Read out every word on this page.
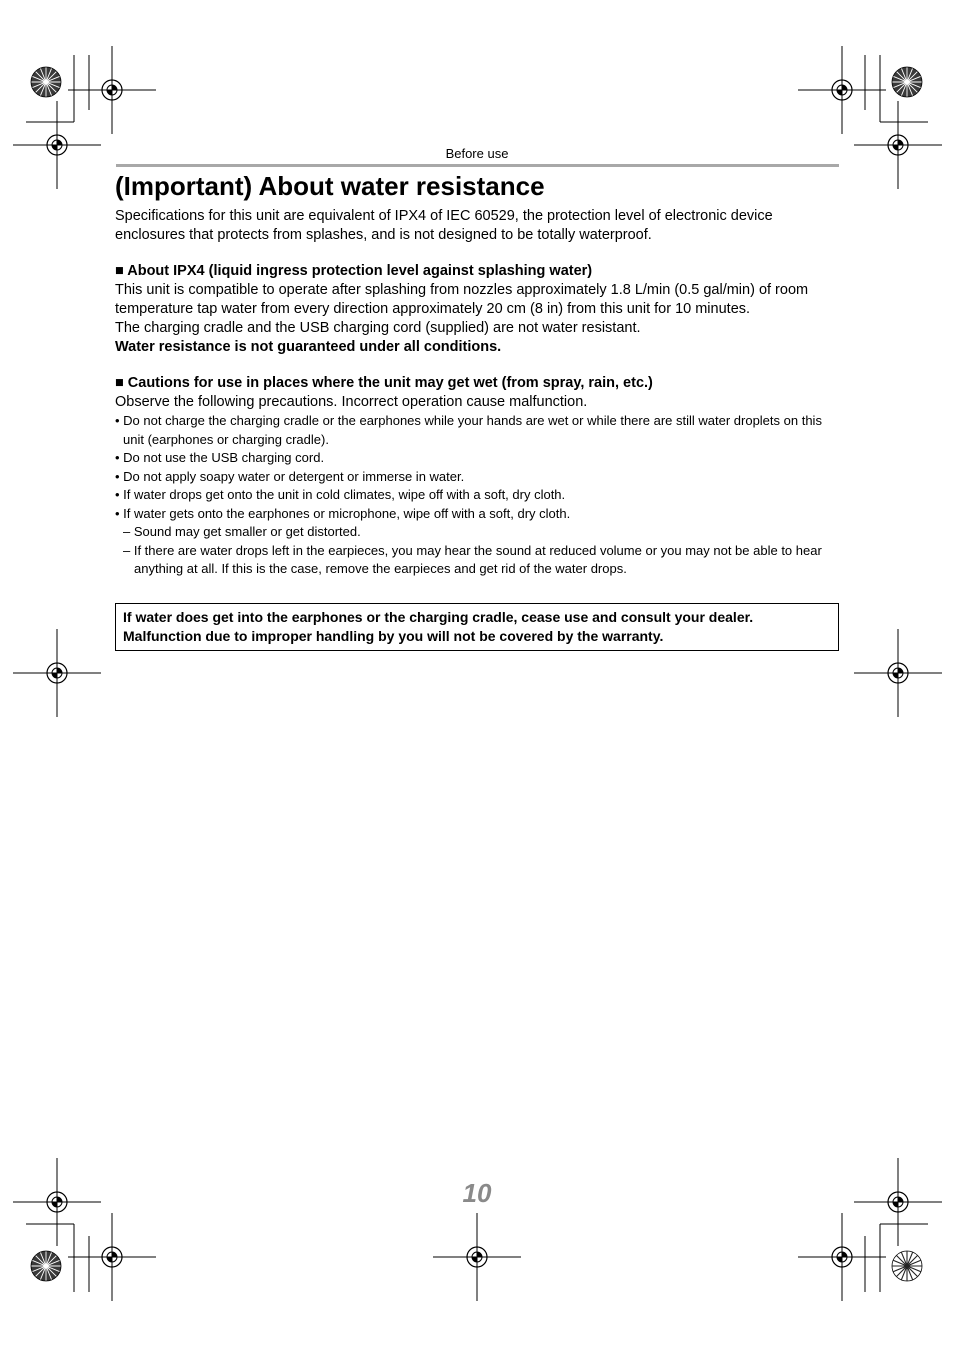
Before use
(Important) About water resistance

Specifications for this unit are equivalent of IPX4 of IEC 60529, the protection level of electronic device enclosures that protects from splashes, and is not designed to be totally waterproof.

■ About IPX4 (liquid ingress protection level against splashing water)

This unit is compatible to operate after splashing from nozzles approximately 1.8 L/min (0.5 gal/min) of room temperature tap water from every direction approximately 20 cm (8 in) from this unit for 10 minutes.

The charging cradle and the USB charging cord (supplied) are not water resistant.

Water resistance is not guaranteed under all conditions.

■ Cautions for use in places where the unit may get wet (from spray, rain, etc.)

Observe the following precautions. Incorrect operation cause malfunction.

• Do not charge the charging cradle or the earphones while your hands are wet or while there are still water droplets on this unit (earphones or charging cradle).
• Do not use the USB charging cord.
• Do not apply soapy water or detergent or immerse in water.
• If water drops get onto the unit in cold climates, wipe off with a soft, dry cloth.
• If water gets onto the earphones or microphone, wipe off with a soft, dry cloth.
– Sound may get smaller or get distorted.
– If there are water drops left in the earpieces, you may hear the sound at reduced volume or you may not be able to hear anything at all. If this is the case, remove the earpieces and get rid of the water drops.
If water does get into the earphones or the charging cradle, cease use and consult your dealer.
Malfunction due to improper handling by you will not be covered by the warranty.
10
